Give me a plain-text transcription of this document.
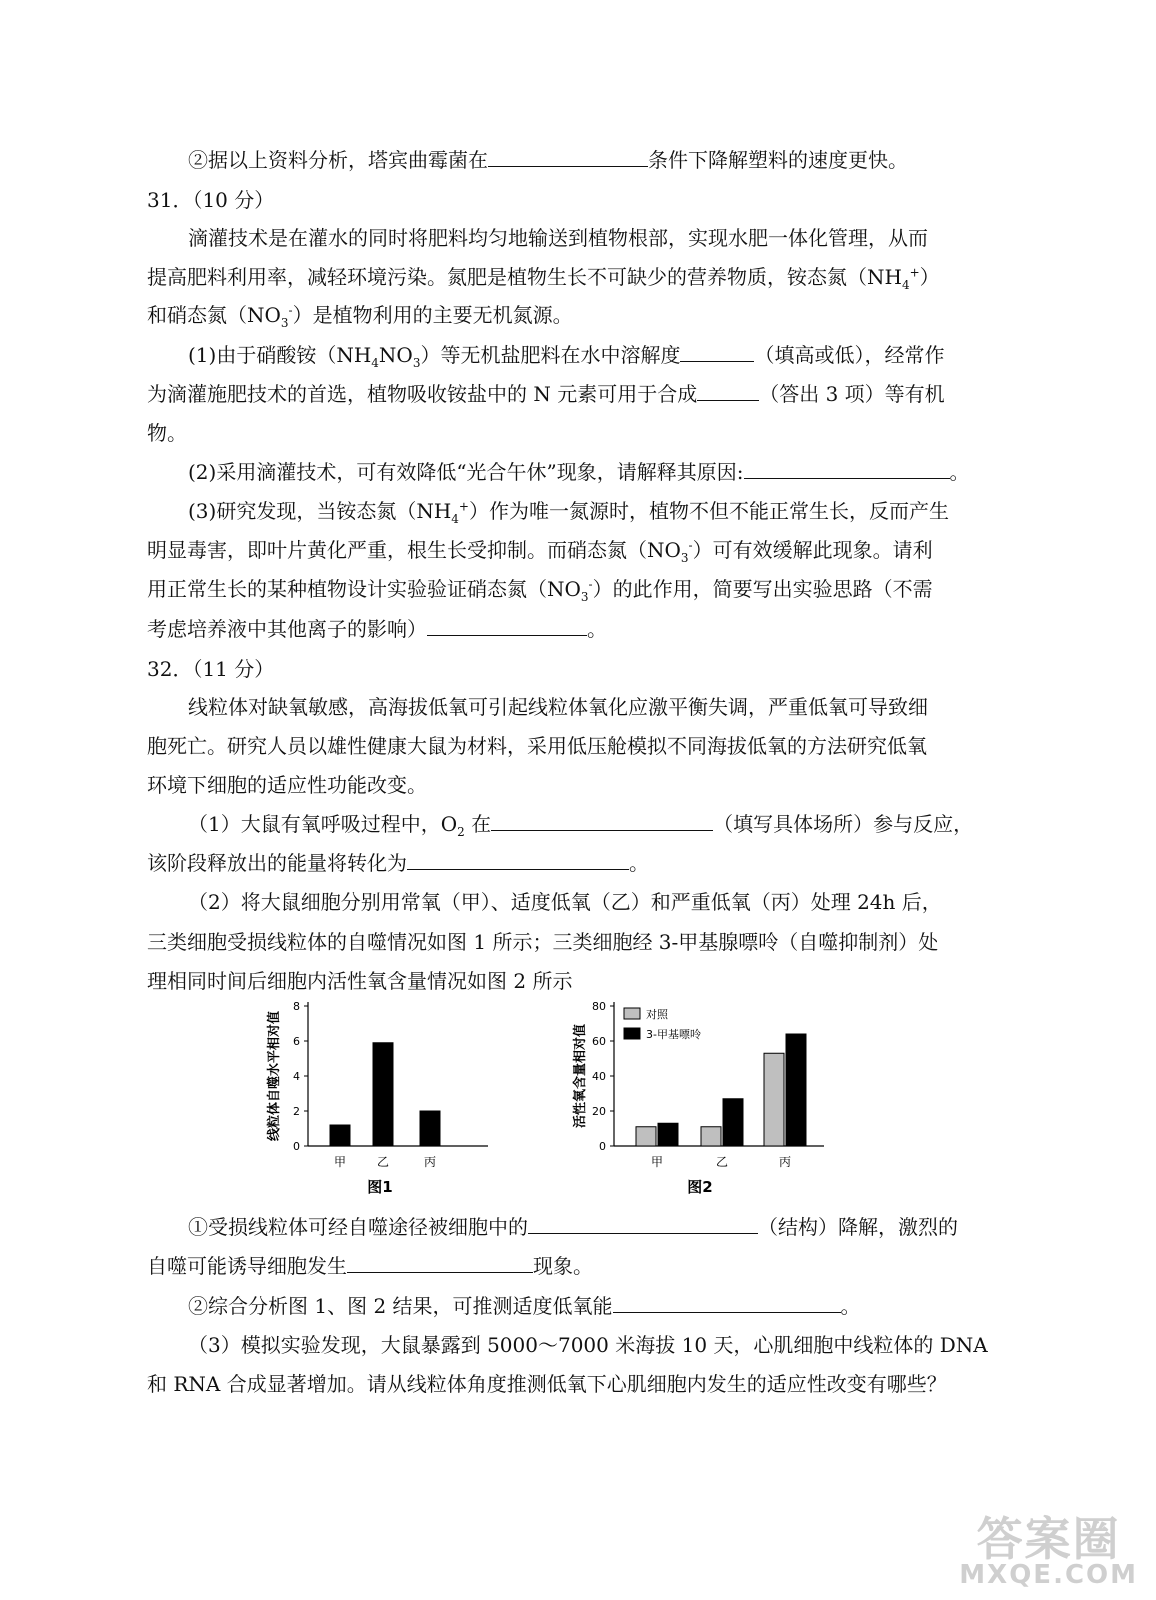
②据以上资料分析，塔宾曲霉菌在	条件下降解塑料的速度更快。
31．（10 分）
滴灌技术是在灌水的同时将肥料均匀地输送到植物根部，实现水肥一体化管理，从而
提高肥料利用率，减轻环境污染。氮肥是植物生长不可缺少的营养物质，铵态氮$(NH_4^+)$
和硝态氮$(NO_3^-)$是植物利用的主要无机氮源。
(1)由于硝酸铵$(NH_4NO_3)$等无机盐肥料在水中溶解度	（填高或低），经常作
为滴灌施肥技术的首选，植物吸收铵盐中的 N 元素可用于合成	（答出 3 项）等有机
物。
(2)采用滴灌技术，可有效降低“光合午休”现象，请解释其原因:	。
(3)研究发现，当铵态氮$(NH_4^+)$作为唯一氮源时，植物不但不能正常生长，反而产生
明显毒害，即叶片黄化严重，根生长受抑制。而硝态氮$(NO_3^-)$可有效缓解此现象。请利
用正常生长的某种植物设计实验验证硝态氮$(NO_3^-)$的此作用，简要写出实验思路（不需
考虑培养液中其他离子的影响）	。
32．（11 分）
线粒体对缺氧敏感，高海拔低氧可引起线粒体氧化应激平衡失调，严重低氧可导致细
胞死亡。研究人员以雄性健康大鼠为材料，采用低压舱模拟不同海拔低氧的方法研究低氧
环境下细胞的适应性功能改变。
（1）大鼠有氧呼吸过程中，$O_2$ 在	（填写具体场所）参与反应，
该阶段释放出的能量将转化为	。
（2）将大鼠细胞分别用常氧（甲）、适度低氧（乙）和严重低氧（丙）处理 24h 后，
三类细胞受损线粒体的自噬情况如图 1 所示；三类细胞经 3-甲基腺嘌呤（自噬抑制剂）处
理相同时间后细胞内活性氧含量情况如图 2 所示
0
2
4
6
8
线粒体自噬水平相对值
甲	乙	丙
图1
0
20
40
60
80
活性氧含量相对值
甲	乙	丙
对照
3-甲基嘌呤
图2
①受损线粒体可经自噬途径被细胞中的	（结构）降解，激烈的
自噬可能诱导细胞发生	现象。
②综合分析图 1、图 2 结果，可推测适度低氧能	。
（3）模拟实验发现，大鼠暴露到 5000～7000 米海拔 10 天，心肌细胞中线粒体的 DNA
和 RNA 合成显著增加。请从线粒体角度推测低氧下心肌细胞内发生的适应性改变有哪些？
答案圈
MXQE.COM
